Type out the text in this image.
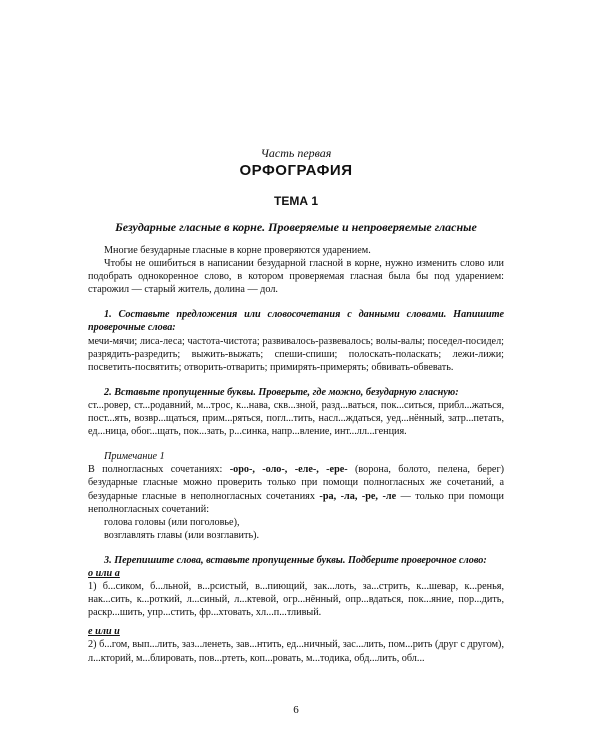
Часть первая
ОРФОГРАФИЯ
ТЕМА 1
Безударные гласные в корне. Проверяемые и непроверяемые гласные

Многие безударные гласные в корне проверяются ударением.

Чтобы не ошибиться в написании безударной гласной в корне, нужно изменить слово или подобрать однокоренное слово, в котором проверяемая гласная была бы под ударением: старожил — старый житель, долина — дол.

1. Составьте предложения или словосочетания с данными словами. Напишите проверочные слова:

мечи-мячи; лиса-леса; частота-чистота; развивалось-развевалось; волы-валы; поседел-посидел; разрядить-разредить; выжить-выжать; спеши-спиши; полоскать-поласкать; лежи-лижи; посветить-посвятить; отворить-отварить; примирять-примерять; обвивать-обвевать.

2. Вставьте пропущенные буквы. Проверьте, где можно, безударную гласную:

ст...ровер, ст...родавний, м...трос, к...нава, скв...зной, разд...ваться, пок...ситься, прибл...жаться, пост...ять, возвр...щаться, прим...ряться, погл...тить, насл...ждаться, уед...нённый, затр...петать, ед...ница, обог...щать, пок...зать, р...синка, напр...вление, инт...лл...генция.

Примечание 1

В полногласных сочетаниях: -оро-, -оло-, -еле-, -ере- (ворона, болото, пелена, берег) безударные гласные можно проверить только при помощи полногласных же сочетаний, а безударные гласные в неполногласных сочетаниях -ра, -ла, -ре, -ле — только при помощи неполногласных сочетаний:

голова головы (или поголовье),

возглавлять главы (или возглавить).

3. Перепишите слова, вставьте пропущенные буквы. Подберите проверочное слово:

о или а

1) б...сиком, б...льной, в...рсистый, в...пиющий, зак...лоть, за...стрить, к...шевар, к...ренья, нак...сить, к...роткий, л...синый, л...ктевой, огр...нённый, опр...вдаться, пок...яние, пор...дить, раскр...шить, упр...стить, фр...хтовать, хл...п...тливый.

е или и

2) б...гом, вып...лить, заз...ленеть, зав...нтить, ед...ничный, зас...лить, пом...рить (друг с другом), л...кторий, м...блировать, пов...ртеть, коп...ровать, м...тодика, обд...лить, обл...

6
